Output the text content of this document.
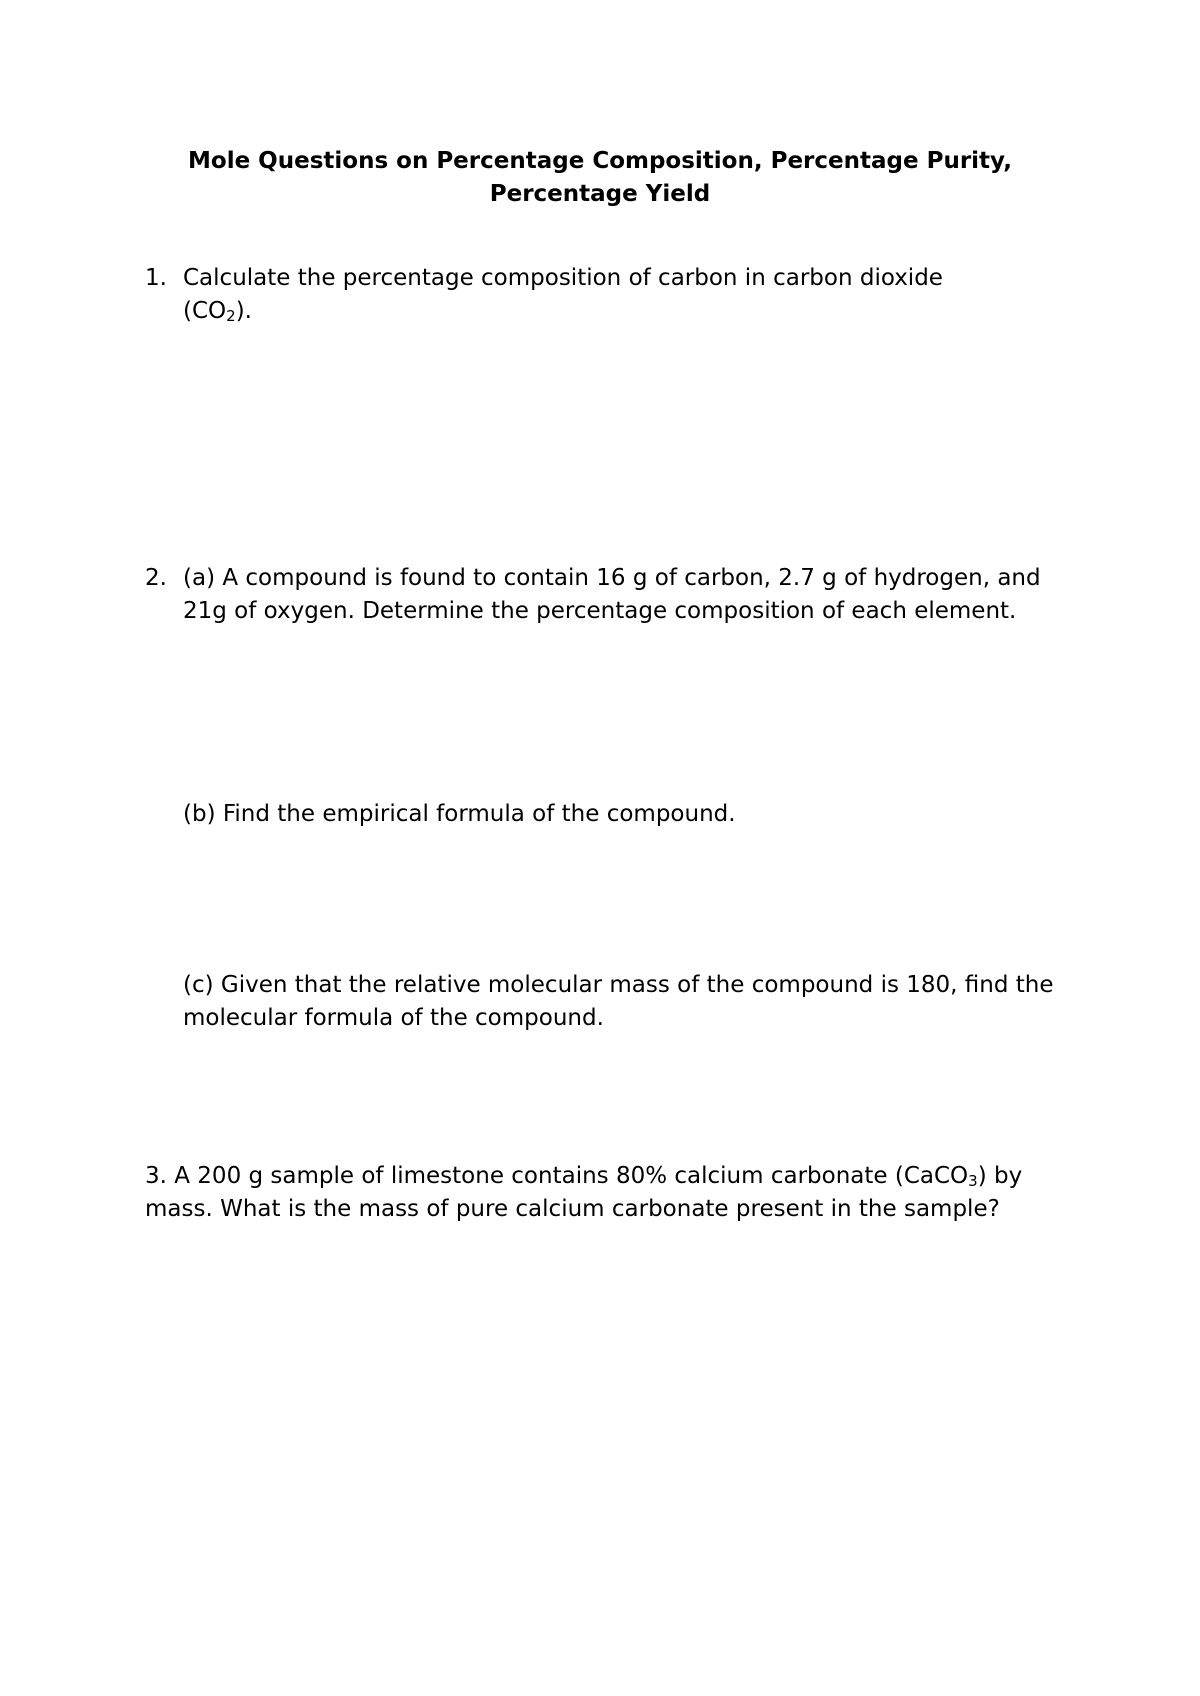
Mole Questions on Percentage Composition, Percentage Purity,
Percentage Yield

1. Calculate the percentage composition of carbon in carbon dioxide
$(CO_2)$.

2. (a) A compound is found to contain 16 g of carbon, 2.7 g of hydrogen, and 21g of oxygen. Determine the percentage composition of each element.

(b) Find the empirical formula of the compound.

(c) Given that the relative molecular mass of the compound is 180, find the molecular formula of the compound.

3. A 200 g sample of limestone contains 80% calcium carbonate (CaCO$_3$) by mass. What is the mass of pure calcium carbonate present in the sample?
